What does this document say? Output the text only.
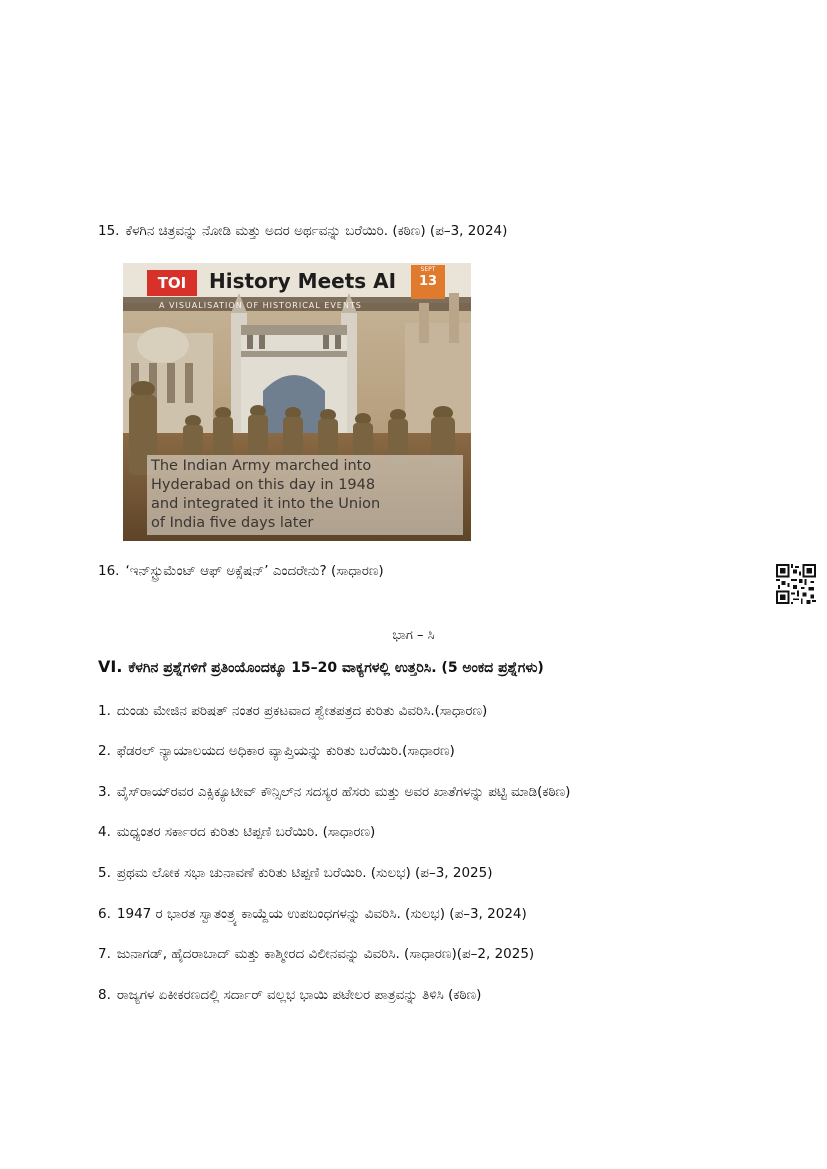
15. ಕೆಳಗಿನ ಚಿತ್ರವನ್ನು ನೋಡಿ ಮತ್ತು ಅದರ ಅರ್ಥವನ್ನು ಬರೆಯಿರಿ. (ಕಠಿಣ) (ಪ–3, 2024)
TOI	History Meets AI	SEPT
13
A VISUALISATION OF HISTORICAL EVENTS
The Indian Army marched into
Hyderabad on this day in 1948
and integrated it into the Union
of India five days later
16. ‘ಇನ್‌ಸ್ಟ್ರುಮೆಂಟ್ ಆಫ್ ಅಕ್ಸೆಷನ್’ ಎಂದರೇನು? (ಸಾಧಾರಣ)
ಭಾಗ – ಸಿ
VI. ಕೆಳಗಿನ ಪ್ರಶ್ನೆಗಳಿಗೆ ಪ್ರತಿಂಯೊಂದಕ್ಕೂ 15–20 ವಾಕ್ಯಗಳಲ್ಲಿ ಉತ್ತರಿಸಿ. (5 ಅಂಕದ ಪ್ರಶ್ನೆಗಳು)
1. ದುಂಡು ಮೇಜಿನ ಪರಿಷತ್ ನಂತರ ಪ್ರಕಟವಾದ ಶ್ವೇತಪತ್ರದ ಕುರಿತು ವಿವರಿಸಿ.(ಸಾಧಾರಣ)
2. ಫೆಡರಲ್ ನ್ಯಾಯಾಲಯದ ಅಧಿಕಾರ ವ್ಯಾಪ್ತಿಯನ್ನು ಕುರಿತು ಬರೆಯಿರಿ.(ಸಾಧಾರಣ)
3. ವೈಸ್‌ರಾಯ್‌ರವರ ಎಕ್ಸಿಕ್ಯೂಟೀವ್ ಕೌನ್ಸಿಲ್‌ನ ಸದಸ್ಯರ ಹೆಸರು ಮತ್ತು ಅವರ ಖಾತೆಗಳನ್ನು ಪಟ್ಟಿ ಮಾಡಿ(ಕಠಿಣ)
4. ಮಧ್ಯಂತರ ಸರ್ಕಾರದ ಕುರಿತು ಟಿಪ್ಪಣಿ ಬರೆಯಿರಿ. (ಸಾಧಾರಣ)
5. ಪ್ರಥಮ ಲೋಕ ಸಭಾ ಚುನಾವಣೆ ಕುರಿತು ಟಿಪ್ಪಣಿ ಬರೆಯಿರಿ. (ಸುಲಭ) (ಪ–3, 2025)
6. 1947 ರ ಭಾರತ ಸ್ವಾತಂತ್ರ್ಯ ಕಾಯ್ದೆಯ ಉಪಬಂಧಗಳನ್ನು ವಿವರಿಸಿ. (ಸುಲಭ) (ಪ–3, 2024)
7. ಜುನಾಗಡ್, ಹೈದರಾಬಾದ್ ಮತ್ತು ಕಾಶ್ಮೀರದ ವಿಲೀನವನ್ನು ವಿವರಿಸಿ. (ಸಾಧಾರಣ)(ಪ–2, 2025)
8. ರಾಜ್ಯಗಳ ಏಕೀಕರಣದಲ್ಲಿ ಸರ್ದಾರ್ ವಲ್ಲಭ ಭಾಯಿ ಪಟೇಲರ ಪಾತ್ರವನ್ನು ತಿಳಿಸಿ (ಕಠಿಣ)
